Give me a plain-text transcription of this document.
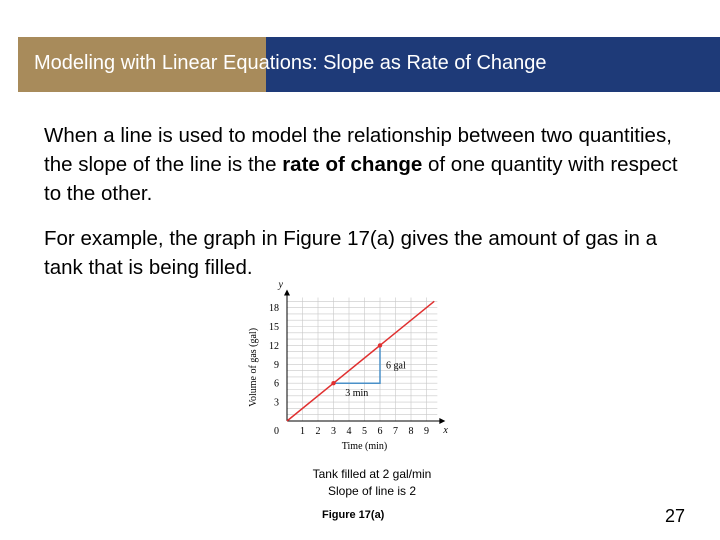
Modeling with Linear Equations: Slope as Rate of Change

When a line is used to model the relationship between two quantities, the slope of the line is the rate of change of one quantity with respect to the other.

For example, the graph in Figure 17(a) gives the amount of gas in a tank that is being filled.

x
y
1 2 3 4 5 6 7 8 9
3
6
9
12
15
18
0
Time (min)
Volume of gas (gal)	3 min
6 gal
Tank filled at 2 gal/min
Slope of line is 2
Figure 17(a)	27
